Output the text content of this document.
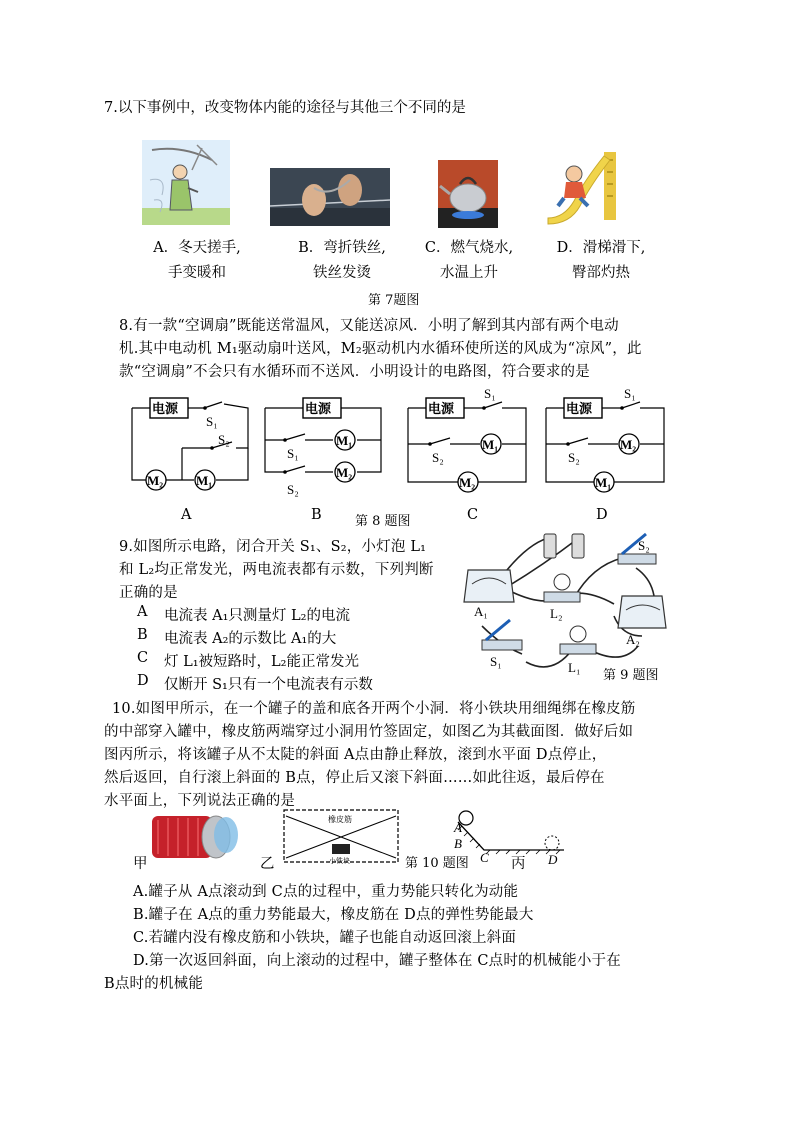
7.以下事例中，改变物体内能的途径与其他三个不同的是
A．冬天搓手,
手变暖和
B．弯折铁丝,
铁丝发烫
C．燃气烧水,
水温上升
D．滑梯滑下,
臀部灼热
第 7题图
8.有一款“空调扇”既能送常温风，又能送凉风．小明了解到其内部有两个电动
机.其中电动机 M₁驱动扇叶送风，M₂驱动机内水循环使所送的风成为“凉风”，此
款“空调扇”不会只有水循环而不送风．小明设计的电路图，符合要求的是
电源
S₁
S₂
M₂	M₁
电源
S₁
S₂
M₁
M₂
电源
S₁
S₂
M₁
M₂
电源
S₁
S₂
M₂
M₁
A	B	第 8 题图	C	D
9.如图所示电路，闭合开关 S₁、S₂，小灯泡 L₁
和 L₂均正常发光，两电流表都有示数，下列判断
正确的是
A 电流表 A₁只测量灯 L₂的电流
B 电流表 A₂的示数比 A₁的大
C 灯 L₁被短路时，L₂能正常发光
D 仅断开 S₁只有一个电流表有示数
A₁	L₂
S₂
A₂
S₁	L₁
第 9 题图
10.如图甲所示，在一个罐子的盖和底各开两个小洞．将小铁块用细绳绑在橡皮筋
的中部穿入罐中，橡皮筋两端穿过小洞用竹签固定，如图乙为其截面图．做好后如
图丙所示，将该罐子从不太陡的斜面 A点由静止释放，滚到水平面 D点停止，
然后返回，自行滚上斜面的 B点，停止后又滚下斜面……如此往返，最后停在
水平面上，下列说法正确的是
甲	乙
橡皮筋
小铁块	第 10 题图
A
B
C	D
丙
A.罐子从 A点滚动到 C点的过程中，重力势能只转化为动能
B.罐子在 A点的重力势能最大，橡皮筋在 D点的弹性势能最大
C.若罐内没有橡皮筋和小铁块，罐子也能自动返回滚上斜面
D.第一次返回斜面，向上滚动的过程中，罐子整体在 C点时的机械能小于在
B点时的机械能
